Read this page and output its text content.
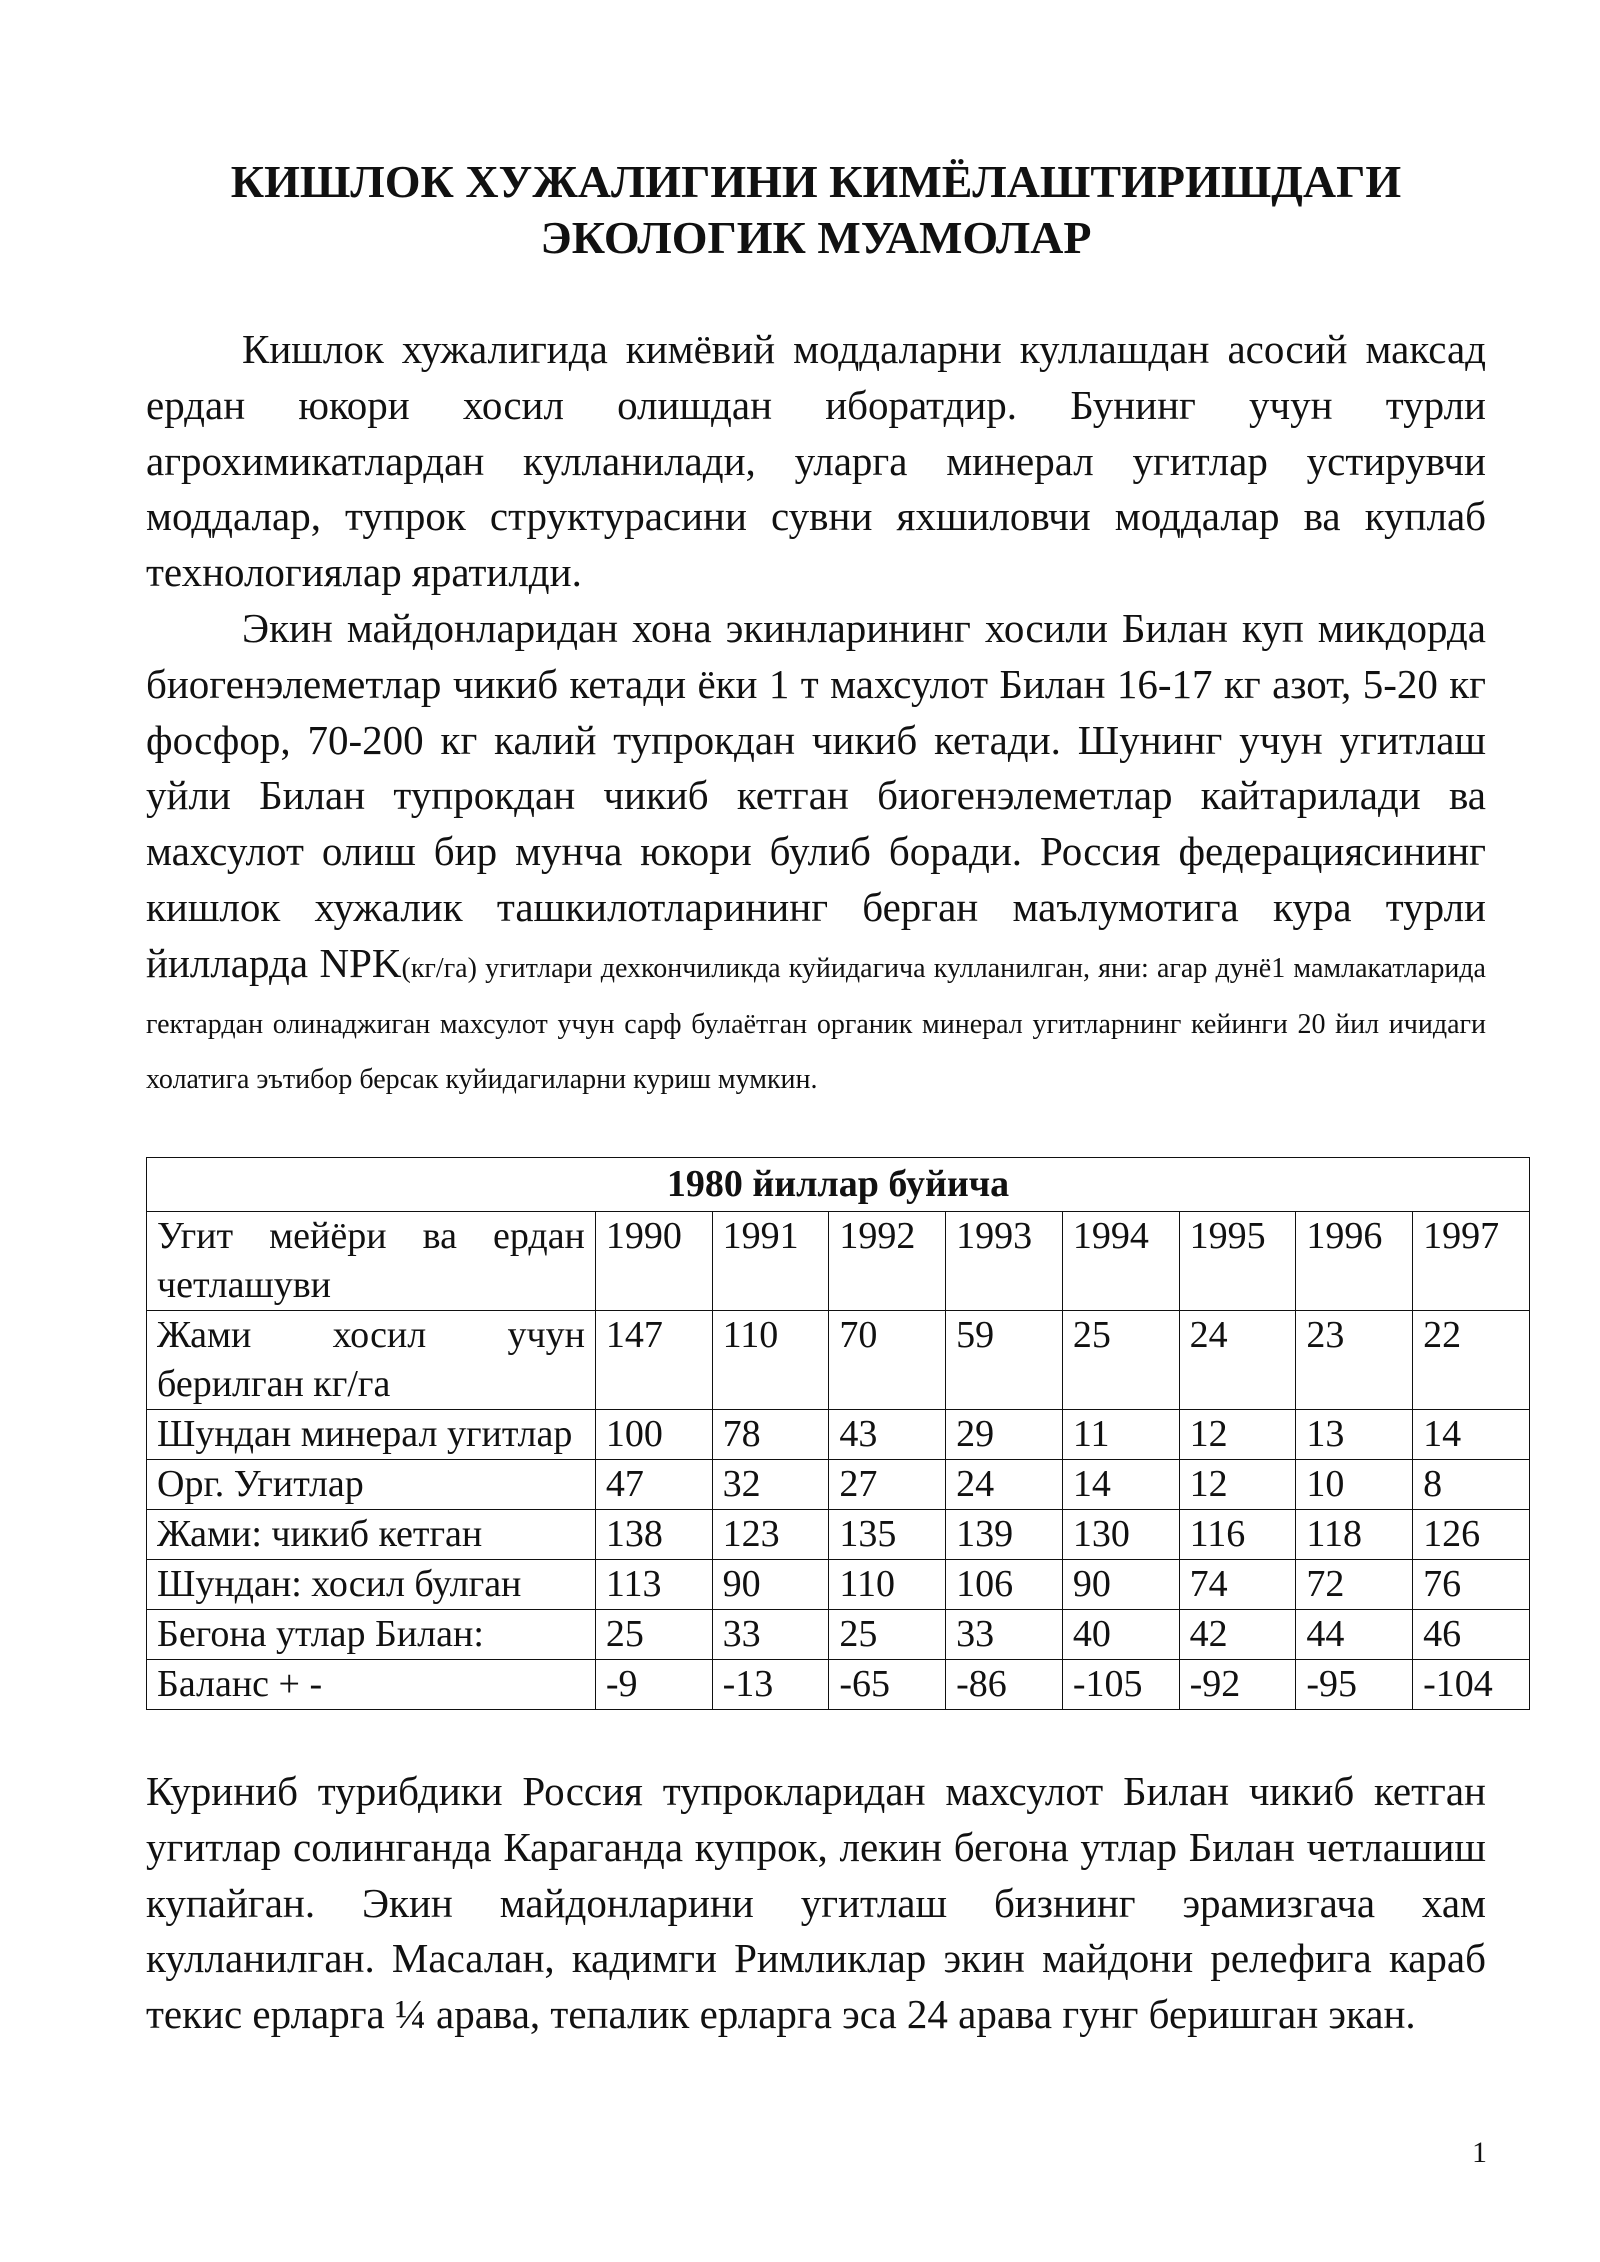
КИШЛОК ХУЖАЛИГИНИ КИМЁЛАШТИРИШДАГИ
ЭКОЛОГИК МУАМОЛАР

Кишлок хужалигида кимёвий моддаларни куллашдан асосий максад ердан юкори хосил олишдан иборатдир. Бунинг учун турли агрохимикатлардан кулланилади, уларга минерал угитлар устирувчи моддалар, тупрок структурасини сувни яхшиловчи моддалар ва куплаб технологиялар яратилди.

Экин майдонларидан хона экинларининг хосили Билан куп микдорда биогенэлеметлар чикиб кетади ёки 1 т махсулот Билан 16-17 кг азот, 5-20 кг фосфор, 70-200 кг калий тупрокдан чикиб кетади. Шунинг учун угитлаш уйли Билан тупрокдан чикиб кетган биогенэлеметлар кайтарилади ва махсулот олиш бир мунча юкори булиб боради. Россия федерациясининг кишлок хужалик ташкилотларининг берган маълумотига кура турли йилларда NPK(кг/га) угитлари дехкончиликда куйидагича кулланилган, яни: агар дунё1 мамлакатларида гектардан олинаджиган махсулот учун сарф булаётган органик минерал угитларнинг кейинги 20 йил ичидаги холатига эътибор берсак куйидагиларни куриш мумкин.

1980 йиллар буйича								
Угит мейёри ва ердан четлашуви	1990	1991	1992	1993	1994	1995	1996	1997
Жами хосил учун берилган кг/га	147	110	70	59	25	24	23	22
Шундан минерал угитлар	100	78	43	29	11	12	13	14
Орг. Угитлар	47	32	27	24	14	12	10	8
Жами: чикиб кетган	138	123	135	139	130	116	118	126
Шундан: хосил булган	113	90	110	106	90	74	72	76
Бегона утлар Билан:	25	33	25	33	40	42	44	46
Баланс + -	-9	-13	-65	-86	-105	-92	-95	-104

Куриниб турибдики Россия тупрокларидан махсулот Билан чикиб кетган угитлар солинганда Караганда купрок, лекин бегона утлар Билан четлашиш купайган. Экин майдонларини угитлаш бизнинг эрамизгача хам кулланилган. Масалан, кадимги Римликлар экин майдони релефига караб текис ерларга ¼ арава, тепалик ерларга эса 24 арава гунг беришган экан.

1
